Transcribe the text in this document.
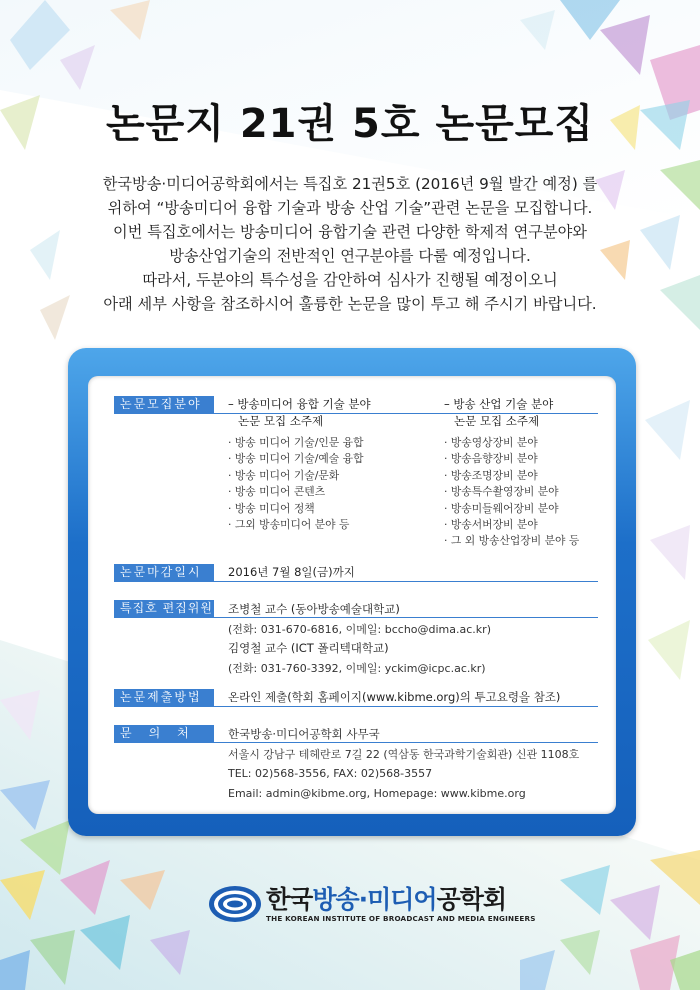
논문지 21권 5호 논문모집

한국방송·미디어공학회에서는 특집호 21권5호 (2016년 9월 발간 예정) 를

위하여 “방송미디어 융합 기술과 방송 산업 기술”관련 논문을 모집합니다.

이번 특집호에서는 방송미디어 융합기술 관련 다양한 학제적 연구분야와

방송산업기술의 전반적인 연구분야를 다룰 예정입니다.

따라서, 두분야의 특수성을 감안하여 심사가 진행될 예정이오니

아래 세부 사항을 참조하시어 훌륭한 논문을 많이 투고 해 주시기 바랍니다.

논문모집분야	– 방송미디어 융합 기술 분야
논문 모집 소주제
· 방송 미디어 기술/인문 융합
· 방송 미디어 기술/예술 융합
· 방송 미디어 기술/문화
· 방송 미디어 콘텐츠
· 방송 미디어 정책
· 그외 방송미디어 분야 등
– 방송 산업 기술 분야
논문 모집 소주제
· 방송영상장비 분야
· 방송음향장비 분야
· 방송조명장비 분야
· 방송특수촬영장비 분야
· 방송미들웨어장비 분야
· 방송서버장비 분야
· 그 외 방송산업장비 분야 등
논문마감일시	2016년 7월 8일(금)까지
특집호 편집위원 조병철 교수 (동아방송예술대학교)
(전화: 031-670-6816, 이메일: bccho@dima.ac.kr)
김영철 교수 (ICT 폴리텍대학교)
(전화: 031-760-3392, 이메일: yckim@icpc.ac.kr)
논문제출방법	온라인 제출(학회 홈페이지(www.kibme.org)의 투고요령을 참조)
문의처	한국방송·미디어공학회 사무국
서울시 강남구 테헤란로 7길 22 (역삼동 한국과학기술회관) 신관 1108호
TEL: 02)568-3556, FAX: 02)568-3557
Email: admin@kibme.org, Homepage: www.kibme.org
한국방송·미디어공학회
THE KOREAN INSTITUTE OF BROADCAST AND MEDIA ENGINEERS
